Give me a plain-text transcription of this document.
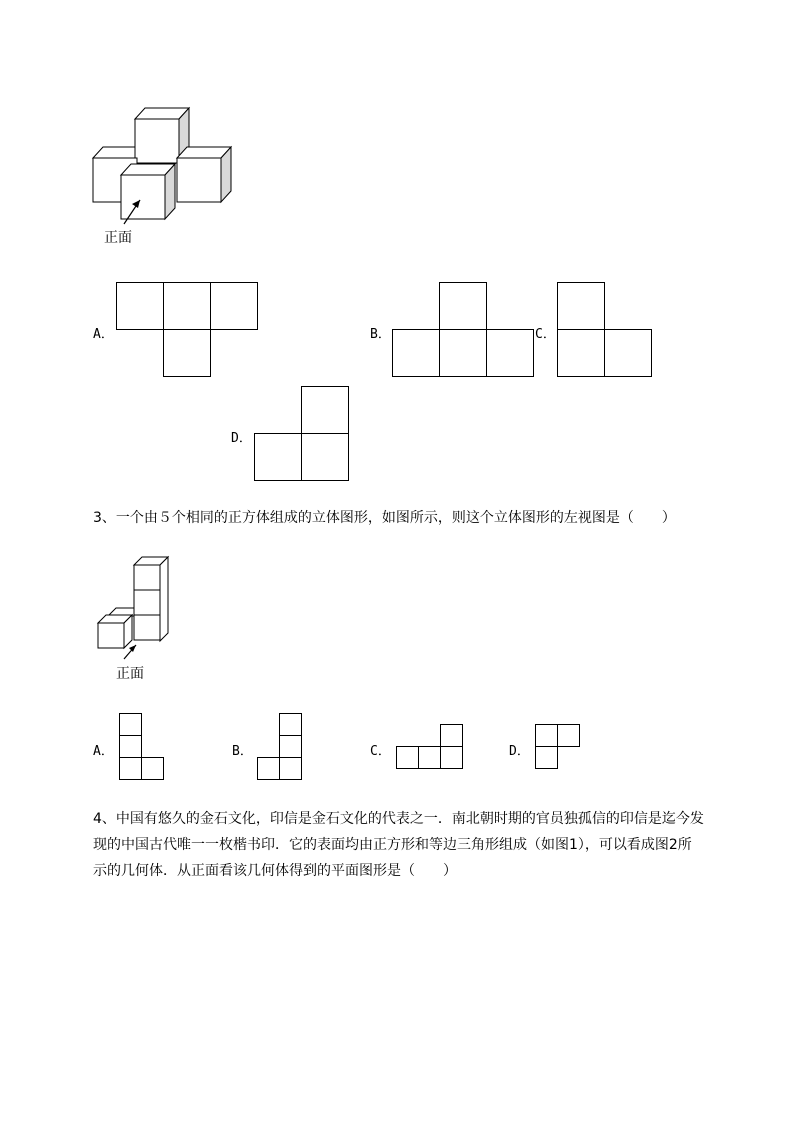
正面
A．	B．	C．
D．
3、一个由５个相同的正方体组成的立体图形，如图所示，则这个立体图形的左视图是（　　）
正面
A．	B．	C．	D．
4、中国有悠久的金石文化，印信是金石文化的代表之一．南北朝时期的官员独孤信的印信是迄今发
现的中国古代唯一一枚楷书印．它的表面均由正方形和等边三角形组成（如图1），可以看成图2所
示的几何体．从正面看该几何体得到的平面图形是（　　）
